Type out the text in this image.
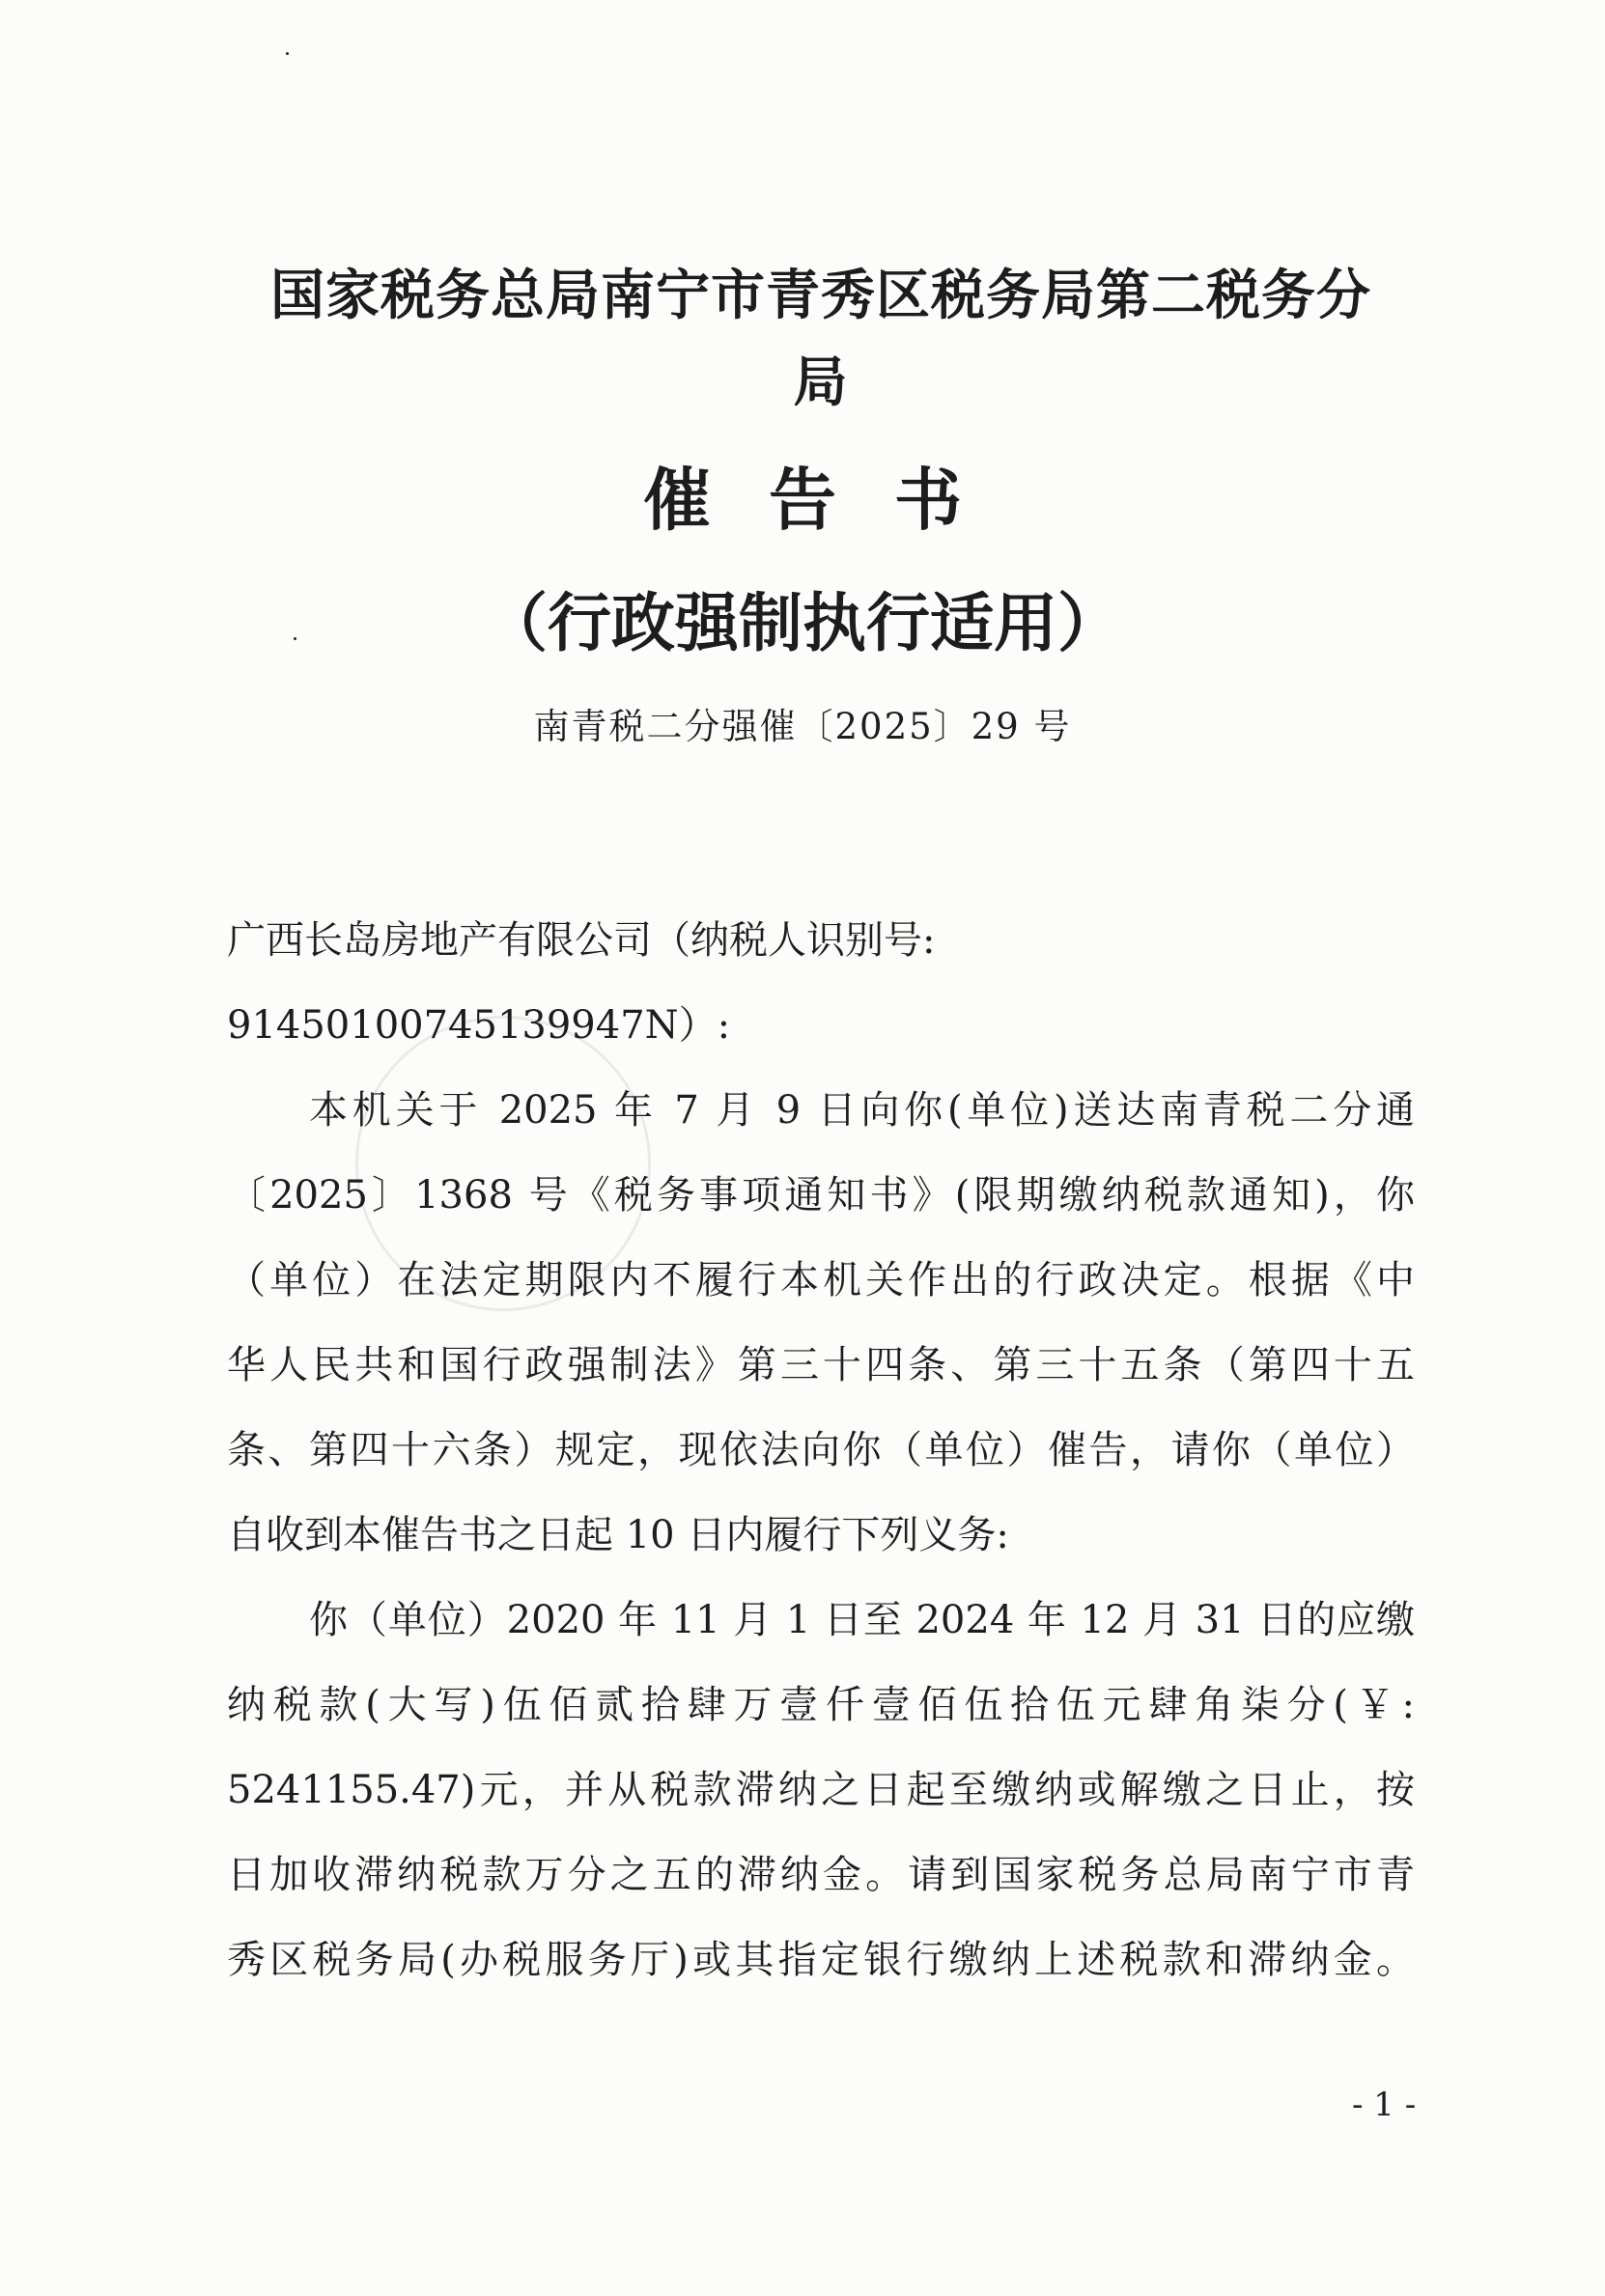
国家税务总局南宁市青秀区税务局第二税务分
局
催告书
（行政强制执行适用）
南青税二分强催〔2025〕29 号
广西长岛房地产有限公司（纳税人识别号:
91450100745139947N）:
本机关于 2025 年 7 月 9 日向你(单位)送达南青税二分通
〔2025〕1368 号《税务事项通知书》(限期缴纳税款通知)，你
（单位）在法定期限内不履行本机关作出的行政决定。根据《中
华人民共和国行政强制法》第三十四条、第三十五条（第四十五
条、第四十六条）规定，现依法向你（单位）催告，请你（单位）
自收到本催告书之日起 10 日内履行下列义务:
你（单位）2020 年 11 月 1 日至 2024 年 12 月 31 日的应缴
纳税款(大写)伍佰贰拾肆万壹仟壹佰伍拾伍元肆角柒分(￥:
5241155.47)元，并从税款滞纳之日起至缴纳或解缴之日止，按
日加收滞纳税款万分之五的滞纳金。请到国家税务总局南宁市青
秀区税务局(办税服务厅)或其指定银行缴纳上述税款和滞纳金。
- 1 -
